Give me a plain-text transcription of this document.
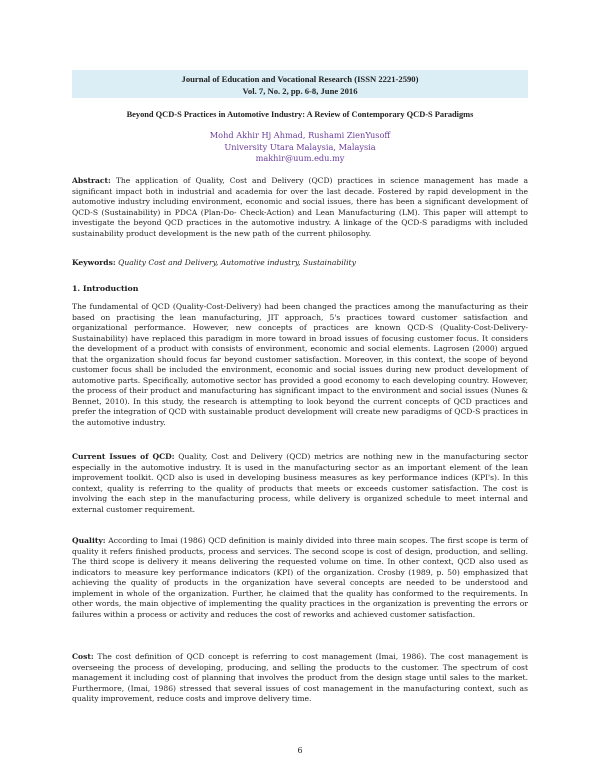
Journal of Education and Vocational Research (ISSN 2221-2590)
Vol. 7, No. 2, pp. 6-8, June 2016
Beyond QCD-S Practices in Automotive Industry: A Review of Contemporary QCD-S Paradigms
Mohd Akhir Hj Ahmad, Rushami ZienYusoff
University Utara Malaysia, Malaysia
makhir@uum.edu.my
Abstract: The application of Quality, Cost and Delivery (QCD) practices in science management has made a significant impact both in industrial and academia for over the last decade. Fostered by rapid development in the automotive industry including environment, economic and social issues, there has been a significant development of QCD-S (Sustainability) in PDCA (Plan-Do- Check-Action) and Lean Manufacturing (LM). This paper will attempt to investigate the beyond QCD practices in the automotive industry. A linkage of the QCD-S paradigms with included sustainability product development is the new path of the current philosophy.
Keywords: Quality Cost and Delivery, Automotive industry, Sustainability
1. Introduction
The fundamental of QCD (Quality-Cost-Delivery) had been changed the practices among the manufacturing as their based on practising the lean manufacturing, JIT approach, 5's practices toward customer satisfaction and organizational performance. However, new concepts of practices are known QCD-S (Quality-Cost-Delivery-Sustainability) have replaced this paradigm in more toward in broad issues of focusing customer focus. It considers the development of a product with consists of environment, economic and social elements. Lagrosen (2000) argued that the organization should focus far beyond customer satisfaction. Moreover, in this context, the scope of beyond customer focus shall be included the environment, economic and social issues during new product development of automotive parts. Specifically, automotive sector has provided a good economy to each developing country. However, the process of their product and manufacturing has significant impact to the environment and social issues (Nunes & Bennet, 2010). In this study, the research is attempting to look beyond the current concepts of QCD practices and prefer the integration of QCD with sustainable product development will create new paradigms of QCD-S practices in the automotive industry.
Current Issues of QCD: Quality, Cost and Delivery (QCD) metrics are nothing new in the manufacturing sector especially in the automotive industry. It is used in the manufacturing sector as an important element of the lean improvement toolkit. QCD also is used in developing business measures as key performance indices (KPI's). In this context, quality is referring to the quality of products that meets or exceeds customer satisfaction. The cost is involving the each step in the manufacturing process, while delivery is organized schedule to meet internal and external customer requirement.
Quality: According to Imai (1986) QCD definition is mainly divided into three main scopes. The first scope is term of quality it refers finished products, process and services. The second scope is cost of design, production, and selling. The third scope is delivery it means delivering the requested volume on time. In other context, QCD also used as indicators to measure key performance indicators (KPI) of the organization. Crosby (1989, p. 50) emphasized that achieving the quality of products in the organization have several concepts are needed to be understood and implement in whole of the organization. Further, he claimed that the quality has conformed to the requirements. In other words, the main objective of implementing the quality practices in the organization is preventing the errors or failures within a process or activity and reduces the cost of reworks and achieved customer satisfaction.
Cost: The cost definition of QCD concept is referring to cost management (Imai, 1986). The cost management is overseeing the process of developing, producing, and selling the products to the customer. The spectrum of cost management it including cost of planning that involves the product from the design stage until sales to the market. Furthermore, (Imai, 1986) stressed that several issues of cost management in the manufacturing context, such as quality improvement, reduce costs and improve delivery time.
6
